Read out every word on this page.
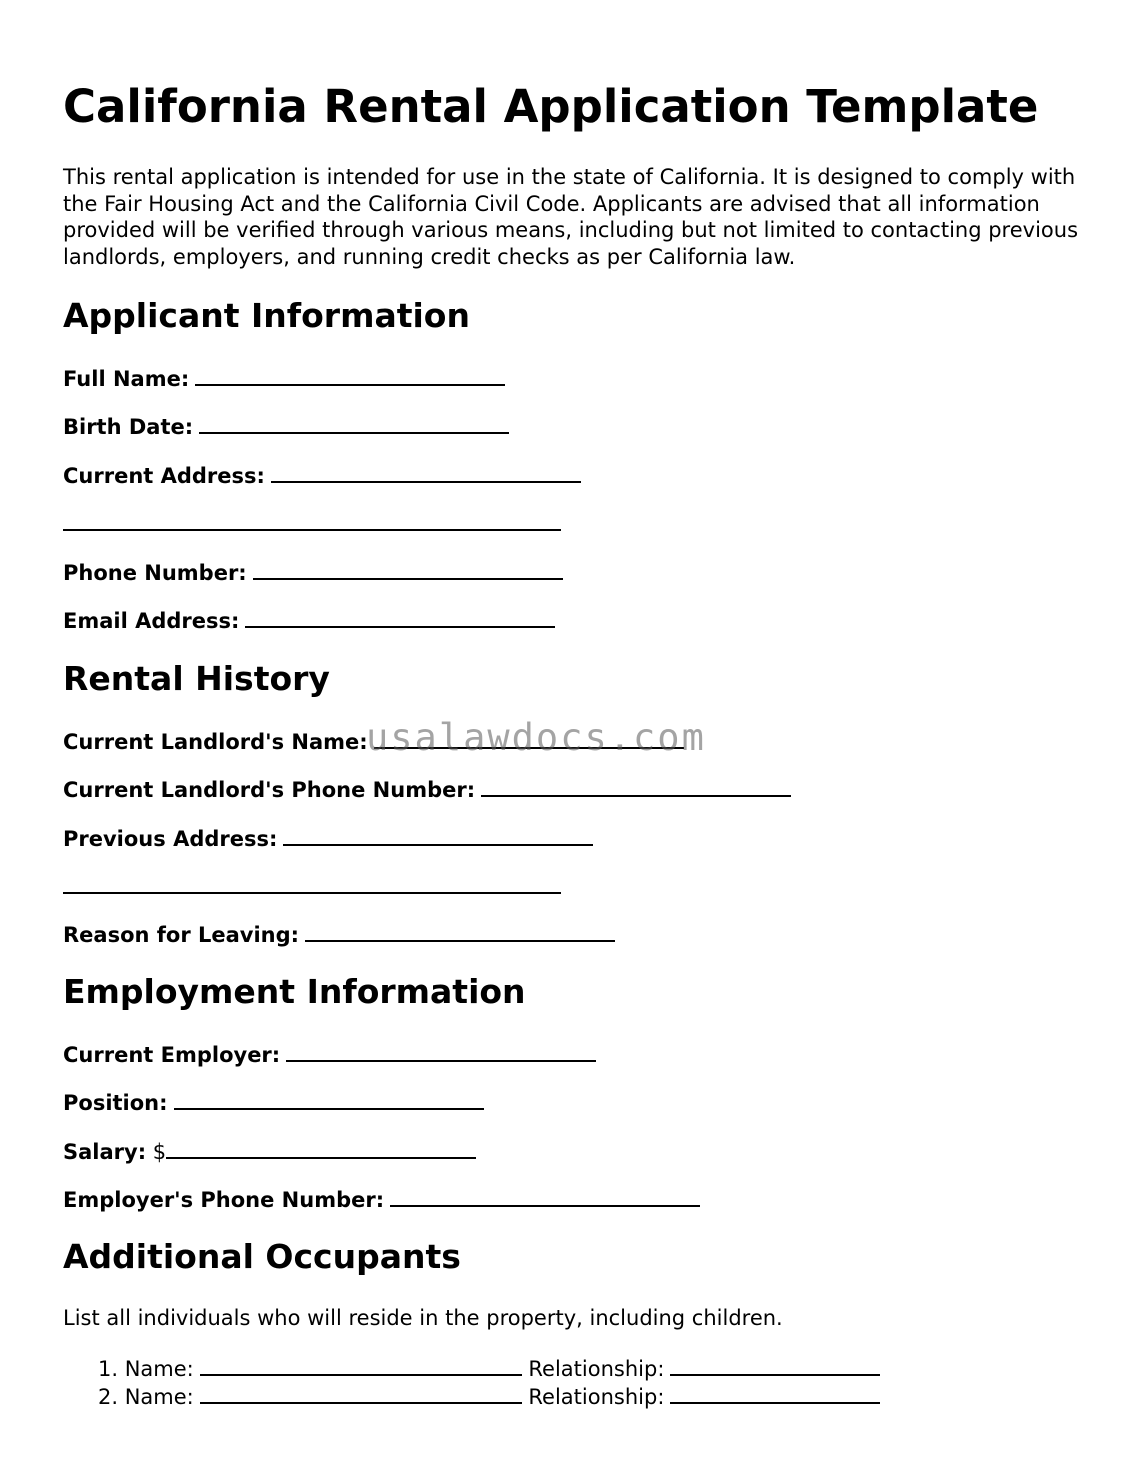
California Rental Application Template

This rental application is intended for use in the state of California. It is designed to comply with the Fair Housing Act and the California Civil Code. Applicants are advised that all information provided will be verified through various means, including but not limited to contacting previous landlords, employers, and running credit checks as per California law.

Applicant Information

Full Name:

Birth Date:

Current Address:

Phone Number:

Email Address:

Rental History

Current Landlord's Name:

Current Landlord's Phone Number:

Previous Address:

Reason for Leaving:

Employment Information

Current Employer:

Position:

Salary: $

Employer's Phone Number:

Additional Occupants

List all individuals who will reside in the property, including children.

1. Name:	Relationship:
2. Name:	Relationship:
usalawdocs.com
